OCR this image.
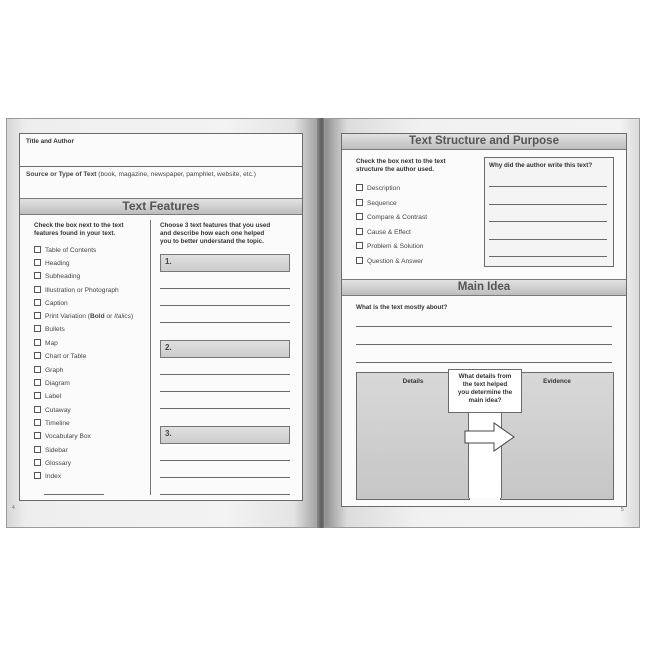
Title and Author
Source or Type of Text (book, magazine, newspaper, pamphlet, website, etc.)
Text Features
Check the box next to the text
features found in your text.
Table of Contents
Heading
Subheading
Illustration or Photograph
Caption
Print Variation (Bold or Italics)
Bullets
Map
Chart or Table
Graph
Diagram
Label
Cutaway
Timeline
Vocabulary Box
Sidebar
Glossary
Index
Choose 3 text features that you used
and describe how each one helped
you to better understand the topic.
1.
2.
3.
4
Text Structure and Purpose
Check the box next to the text
structure the author used.
Description
Sequence
Compare & Contrast
Cause & Effect
Problem & Solution
Question & Answer
Why did the author write this text?
Main Idea
What is the text mostly about?
Details	Evidence
What details from
the text helped
you determine the
main idea?
5
